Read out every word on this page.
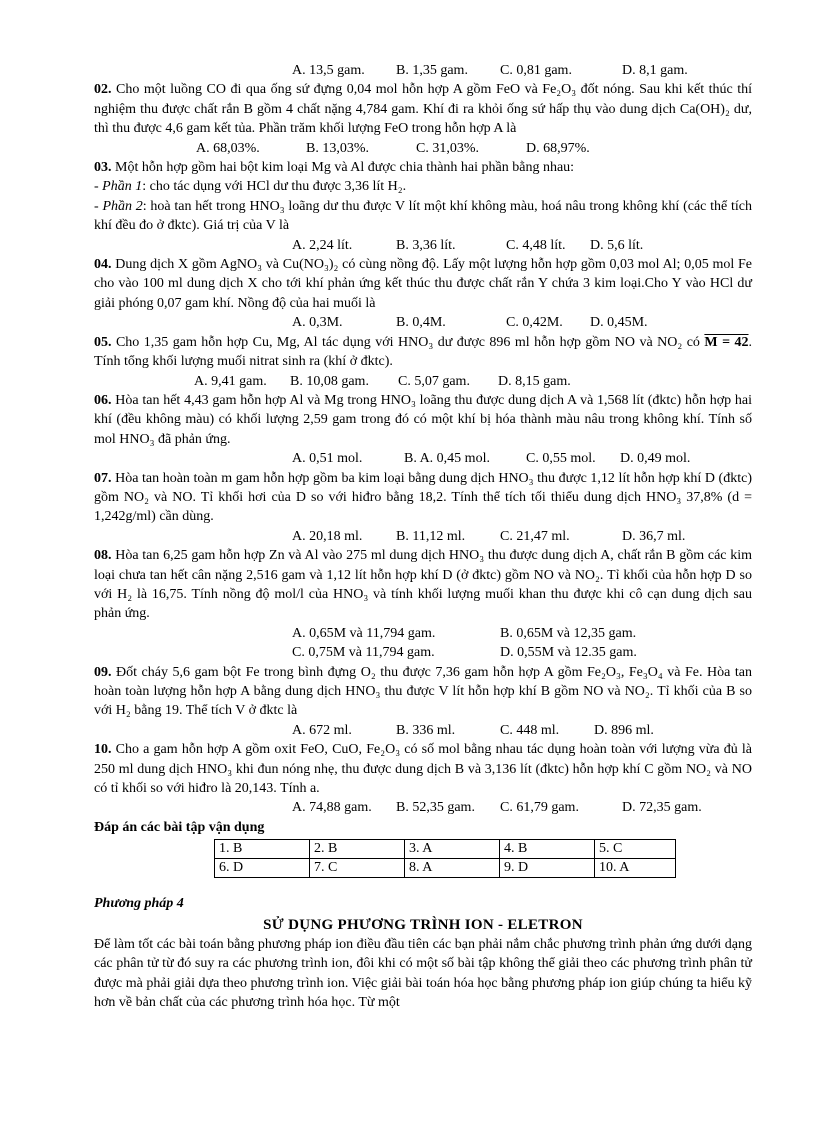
A. 13,5 gam.	B. 1,35 gam.	C. 0,81 gam.	D. 8,1 gam.

02. Cho một luồng CO đi qua ống sứ đựng 0,04 mol hỗn hợp A gồm FeO và Fe₂O₃ đốt nóng. Sau khi kết thúc thí nghiệm thu được chất rắn B gồm 4 chất nặng 4,784 gam. Khí đi ra khỏi ống sứ hấp thụ vào dung dịch Ca(OH)₂ dư, thì thu được 4,6 gam kết tủa. Phần trăm khối lượng FeO trong hỗn hợp A là

A. 68,03%.	B. 13,03%.	C. 31,03%.	D. 68,97%.

03. Một hỗn hợp gồm hai bột kim loại Mg và Al được chia thành hai phần bằng nhau:

- Phần 1: cho tác dụng với HCl dư thu được 3,36 lít H₂.

- Phần 2: hoà tan hết trong HNO₃ loãng dư thu được V lít một khí không màu, hoá nâu trong không khí (các thể tích khí đều đo ở đktc). Giá trị của V là

A. 2,24 lít.	B. 3,36 lít.	C. 4,48 lít.	D. 5,6 lít.

04. Dung dịch X gồm AgNO₃ và Cu(NO₃)₂ có cùng nồng độ. Lấy một lượng hỗn hợp gồm 0,03 mol Al; 0,05 mol Fe cho vào 100 ml dung dịch X cho tới khí phản ứng kết thúc thu được chất rắn Y chứa 3 kim loại.Cho Y vào HCl dư giải phóng 0,07 gam khí. Nồng độ của hai muối là

A. 0,3M.	B. 0,4M.	C. 0,42M.	D. 0,45M.

05. Cho 1,35 gam hỗn hợp Cu, Mg, Al tác dụng với HNO₃ dư được 896 ml hỗn hợp gồm NO và NO₂ có M = 42. Tính tổng khối lượng muối nitrat sinh ra (khí ở đktc).

A. 9,41 gam.	B. 10,08 gam.	C. 5,07 gam.	D. 8,15 gam.

06. Hòa tan hết 4,43 gam hỗn hợp Al và Mg trong HNO₃ loãng thu được dung dịch A và 1,568 lít (đktc) hỗn hợp hai khí (đều không màu) có khối lượng 2,59 gam trong đó có một khí bị hóa thành màu nâu trong không khí. Tính số mol HNO₃ đã phản ứng.

A. 0,51 mol.	B. A. 0,45 mol.	C. 0,55 mol.	D. 0,49 mol.

07. Hòa tan hoàn toàn m gam hỗn hợp gồm ba kim loại bằng dung dịch HNO₃ thu được 1,12 lít hỗn hợp khí D (đktc) gồm NO₂ và NO. Tỉ khối hơi của D so với hiđro bằng 18,2. Tính thể tích tối thiểu dung dịch HNO₃ 37,8% (d = 1,242g/ml) cần dùng.

A. 20,18 ml.	B. 11,12 ml.	C. 21,47 ml.	D. 36,7 ml.

08. Hòa tan 6,25 gam hỗn hợp Zn và Al vào 275 ml dung dịch HNO₃ thu được dung dịch A, chất rắn B gồm các kim loại chưa tan hết cân nặng 2,516 gam và 1,12 lít hỗn hợp khí D (ở đktc) gồm NO và NO₂. Tỉ khối của hỗn hợp D so với H₂ là 16,75. Tính nồng độ mol/l của HNO₃ và tính khối lượng muối khan thu được khi cô cạn dung dịch sau phản ứng.

A. 0,65M và 11,794 gam.	B. 0,65M và 12,35 gam.
C. 0,75M và 11,794 gam.	D. 0,55M và 12.35 gam.

09. Đốt cháy 5,6 gam bột Fe trong bình đựng O₂ thu được 7,36 gam hỗn hợp A gồm Fe₂O₃, Fe₃O₄ và Fe. Hòa tan hoàn toàn lượng hỗn hợp A bằng dung dịch HNO₃ thu được V lít hỗn hợp khí B gồm NO và NO₂. Tỉ khối của B so với H₂ bằng 19. Thể tích V ở đktc là

A. 672 ml.	B. 336 ml.	C. 448 ml.	D. 896 ml.

10. Cho a gam hỗn hợp A gồm oxit FeO, CuO, Fe₂O₃ có số mol bằng nhau tác dụng hoàn toàn với lượng vừa đủ là 250 ml dung dịch HNO₃ khi đun nóng nhẹ, thu được dung dịch B và 3,136 lít (đktc) hỗn hợp khí C gồm NO₂ và NO có tỉ khối so với hiđro là 20,143. Tính a.

A. 74,88 gam.	B. 52,35 gam.	C. 61,79 gam.	D. 72,35 gam.
Đáp án các bài tập vận dụng
1. B	2. B	3. A	4. B	5. C
6. D	7. C	8. A	9. D	10. A
Phương pháp 4
SỬ DỤNG PHƯƠNG TRÌNH ION - ELETRON

Để làm tốt các bài toán bằng phương pháp ion điều đầu tiên các bạn phải nắm chắc phương trình phản ứng dưới dạng các phân tử từ đó suy ra các phương trình ion, đôi khi có một số bài tập không thể giải theo các phương trình phân tử được mà phải giải dựa theo phương trình ion. Việc giải bài toán hóa học bằng phương pháp ion giúp chúng ta hiểu kỹ hơn về bản chất của các phương trình hóa học. Từ một
